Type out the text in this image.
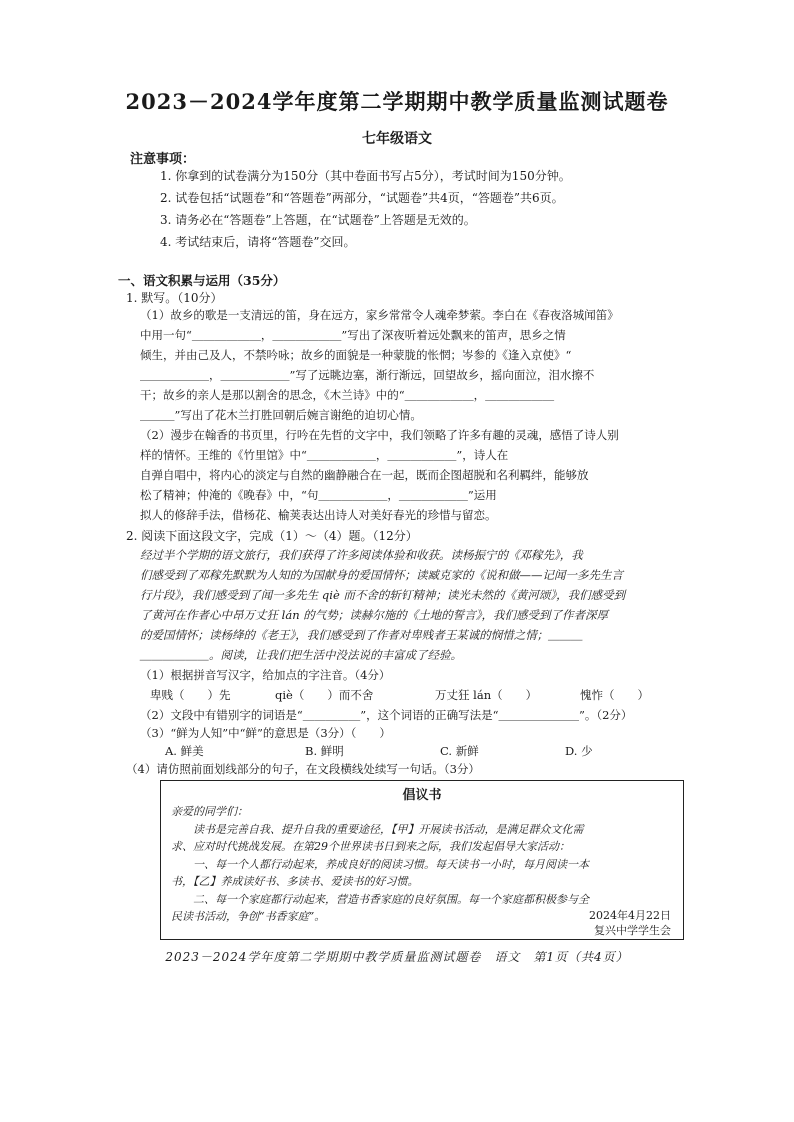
2023－2024学年度第二学期期中教学质量监测试题卷
七年级语文
注意事项：
1. 你拿到的试卷满分为150分（其中卷面书写占5分），考试时间为150分钟。
2. 试卷包括“试题卷”和“答题卷”两部分，“试题卷”共4页，“答题卷”共6页。
3. 请务必在“答题卷”上答题，在“试题卷”上答题是无效的。
4. 考试结束后，请将“答题卷”交回。
一、语文积累与运用（35分）
1. 默写。（10分）
（1）故乡的歌是一支清远的笛，身在远方，家乡常常令人魂牵梦萦。李白在《春夜洛城闻笛》
中用一句“＿＿＿＿＿＿，＿＿＿＿＿＿”写出了深夜听着远处飘来的笛声，思乡之情
倾生，并由己及人，不禁吟咏；故乡的面貌是一种蒙胧的怅惘；岑参的《逢入京使》“
＿＿＿＿＿＿，＿＿＿＿＿＿”写了远眺边塞，渐行渐远，回望故乡，摇向面泣，泪水擦不
干；故乡的亲人是那以割舍的思念，《木兰诗》中的“＿＿＿＿＿＿，＿＿＿＿＿＿
＿＿＿”写出了花木兰打胜回朝后婉言谢绝的迫切心情。
（2）漫步在翰香的书页里，行吟在先哲的文字中，我们领略了许多有趣的灵魂，感悟了诗人别
样的情怀。王维的《竹里馆》中“＿＿＿＿＿＿，＿＿＿＿＿＿”，诗人在
自弹自唱中，将内心的淡定与自然的幽静融合在一起，既而企图超脱和名利羁绊，能够放
松了精神；仲淹的《晚春》中，“句＿＿＿＿＿＿，＿＿＿＿＿＿”运用
拟人的修辞手法，借杨花、榆荚表达出诗人对美好春光的珍惜与留恋。
2. 阅读下面这段文字，完成（1）～（4）题。（12分）
经过半个学期的语文旅行，我们获得了许多阅读体验和收获。读杨振宁的《邓稼先》，我
们感受到了邓稼先默默为人知的为国献身的爱国情怀；读臧克家的《说和做——记闻一多先生言
行片段》，我们感受到了闻一多先生 qiè 而不舍的斩钉精神；读光未然的《黄河颂》，我们感受到
了黄河在作者心中昂万丈狂 lán 的气势；读赫尔施的《土地的誓言》，我们感受到了作者深厚
的爱国情怀；读杨绛的《老王》，我们感受到了作者对卑贱者王某诚的悯惜之情；＿＿＿
＿＿＿＿＿＿。阅读，让我们把生活中没法说的丰富成了经验。
（1）根据拼音写汉字，给加点的字注音。（4分）
卑贱（　　）先	qiè（　　）而不舍	万丈狂 lán（　　）	愧怍（　　）
（2）文段中有错别字的词语是“＿＿＿＿＿”，这个词语的正确写法是“＿＿＿＿＿＿＿”。（2分）
（3）“鲜为人知”中“鲜”的意思是（3分）（　　）
A. 鲜美	B. 鲜明	C. 新鲜	D. 少
倡议书
亲爱的同学们：
　　读书是完善自我、提升自我的重要途径，【甲】开展读书活动，是满足群众文化需
求、应对时代挑战发展。在第29个世界读书日到来之际，我们发起倡导大家活动：
　　一、每一个人都行动起来，养成良好的阅读习惯。每天读书一小时，每月阅读一本
书，【乙】养成读好书、多读书、爱读书的好习惯。
　　二、每一个家庭都行动起来，营造书香家庭的良好氛围。每一个家庭都积极参与全
民读书活动，争创“书香家庭”。	2024年4月22日
复兴中学学生会
2023－2024学年度第二学期期中教学质量监测试题卷　语文　第1页（共4页）
（4）请仿照前面划线部分的句子，在文段横线处续写一句话。（3分）
